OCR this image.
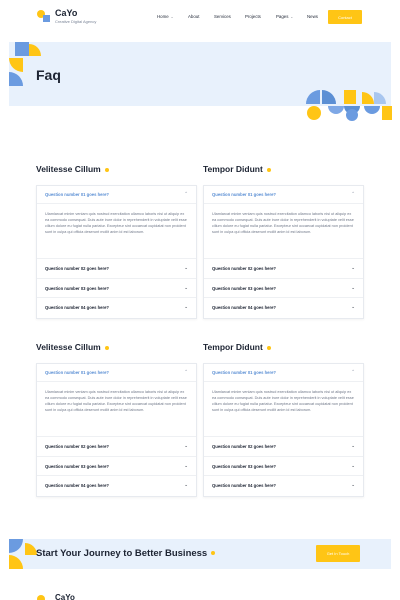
CaYo
Creative Digital Agency
Home ⌄	About	Services	Projects	Pages ⌄	News	Contact
Faq
Velitesse Cillum
Question number 01 goes here?	⌃
Ulamlarcat minim veniam quis nostrud exercitation ullamco laboris nisi ut aliquip ex ea commodo consequat. Duis aute irure dolor in reprehenderit in voluptate velit esse cillum dolore eu fugiat nulla pariatur. Excepteur sint occaecat cupidatat non proident sunt in culpa qui officia deserunt mollit anim id est laborum.
Question number 02 goes here?	⌄
Question number 03 goes here?	⌄
Question number 04 goes here?	⌄
Tempor Didunt
Question number 01 goes here?	⌃
Ulamlarcat minim veniam quis nostrud exercitation ullamco laboris nisi ut aliquip ex ea commodo consequat. Duis aute irure dolor in reprehenderit in voluptate velit esse cillum dolore eu fugiat nulla pariatur. Excepteur sint occaecat cupidatat non proident sunt in culpa qui officia deserunt mollit anim id est laborum.
Question number 02 goes here?	⌄
Question number 03 goes here?	⌄
Question number 04 goes here?	⌄
Velitesse Cillum
Question number 01 goes here?	⌃
Ulamlarcat minim veniam quis nostrud exercitation ullamco laboris nisi ut aliquip ex ea commodo consequat. Duis aute irure dolor in reprehenderit in voluptate velit esse cillum dolore eu fugiat nulla pariatur. Excepteur sint occaecat cupidatat non proident sunt in culpa qui officia deserunt mollit anim id est laborum.
Question number 02 goes here?	⌄
Question number 03 goes here?	⌄
Question number 04 goes here?	⌄
Tempor Didunt
Question number 01 goes here?	⌃
Ulamlarcat minim veniam quis nostrud exercitation ullamco laboris nisi ut aliquip ex ea commodo consequat. Duis aute irure dolor in reprehenderit in voluptate velit esse cillum dolore eu fugiat nulla pariatur. Excepteur sint occaecat cupidatat non proident sunt in culpa qui officia deserunt mollit anim id est laborum.
Question number 02 goes here?	⌄
Question number 03 goes here?	⌄
Question number 04 goes here?	⌄
Start Your Journey to Better Business	Get In Touch
CaYo
